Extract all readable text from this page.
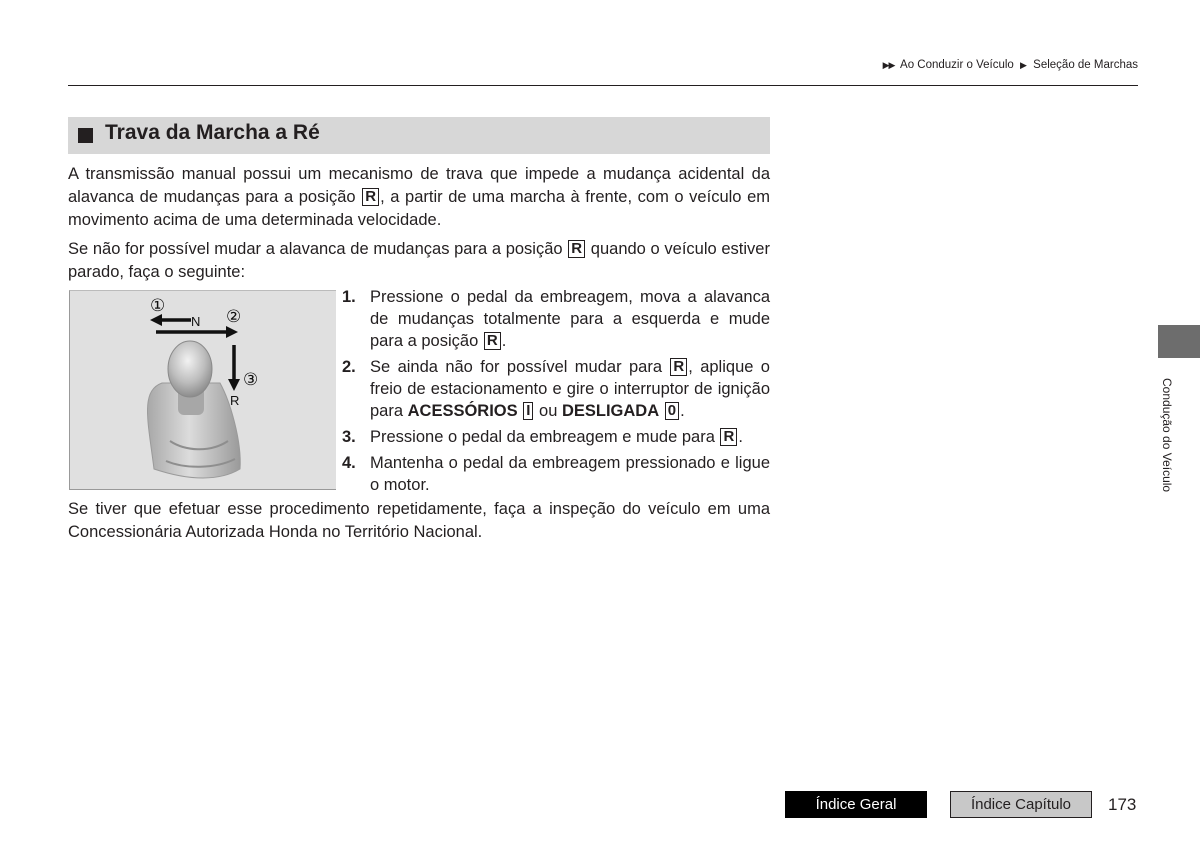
▶▶ Ao Conduzir o Veículo ▶ Seleção de Marchas
Trava da Marcha a Ré

A transmissão manual possui um mecanismo de trava que impede a mudança acidental da alavanca de mudanças para a posição R , a partir de uma marcha à frente, com o veículo em movimento acima de uma determinada velocidade.

Se não for possível mudar a alavanca de mudanças para a posição R quando o veículo estiver parado, faça o seguinte:

①
N ②
③
R
1. Pressione o pedal da embreagem, mova a alavanca de mudanças totalmente para a esquerda e mude para a posição R .
2. Se ainda não for possível mudar para R , aplique o freio de estacionamento e gire o interruptor de ignição para ACESSÓRIOS I ou DESLIGADA 0 .
3. Pressione o pedal da embreagem e mude para R .
4. Mantenha o pedal da embreagem pressionado e ligue o motor.

Se tiver que efetuar esse procedimento repetidamente, faça a inspeção do veículo em uma Concessionária Autorizada Honda no Território Nacional.

Condução do Veículo
Índice Geral	Índice Capítulo	173
